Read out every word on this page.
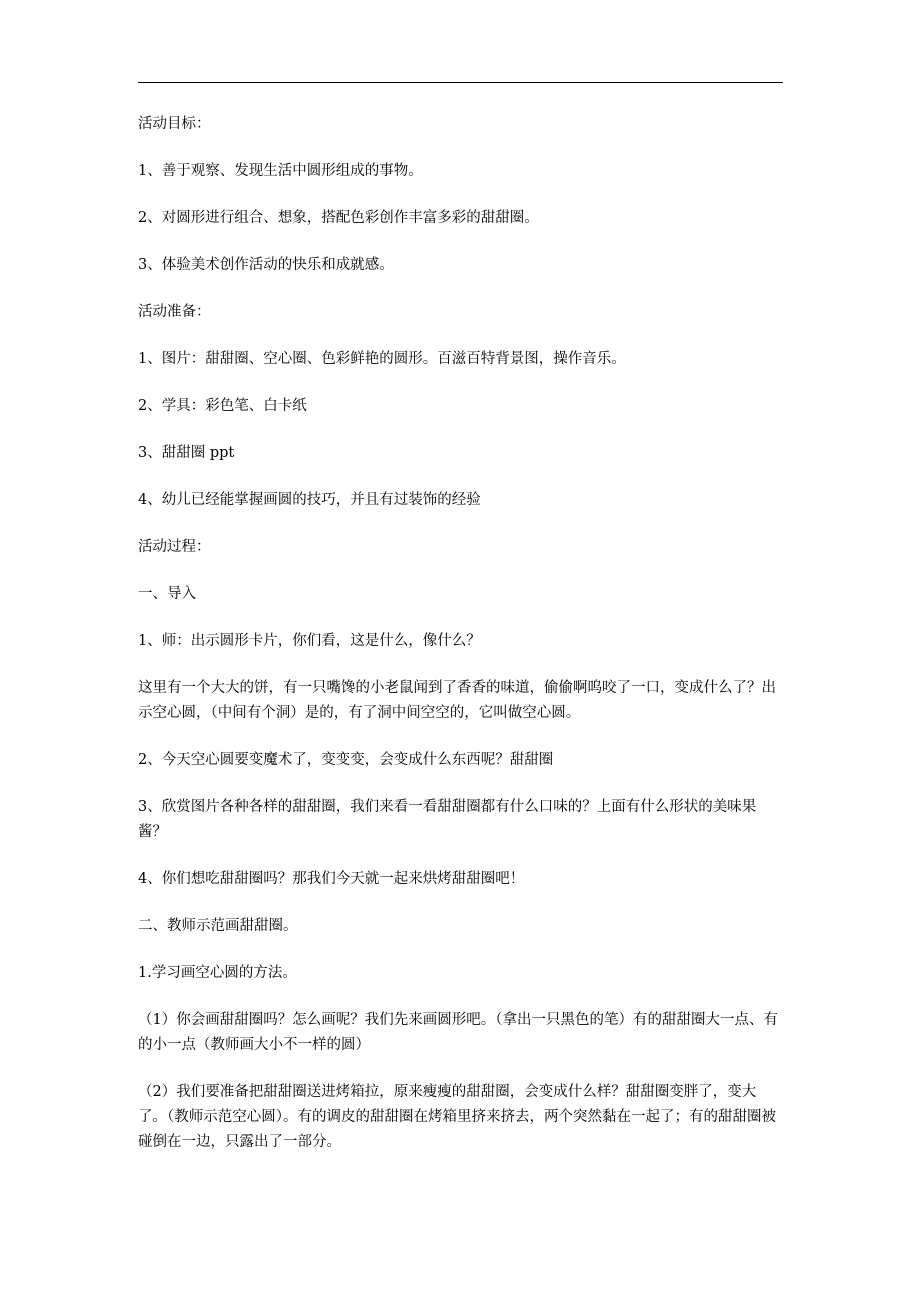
活动目标：

1、善于观察、发现生活中圆形组成的事物。

2、对圆形进行组合、想象，搭配色彩创作丰富多彩的甜甜圈。

3、体验美术创作活动的快乐和成就感。

活动准备：

1、图片：甜甜圈、空心圈、色彩鲜艳的圆形。百滋百特背景图，操作音乐。

2、学具：彩色笔、白卡纸

3、甜甜圈 ppt

4、幼儿已经能掌握画圆的技巧，并且有过装饰的经验

活动过程：

一、导入

1、师：出示圆形卡片，你们看，这是什么，像什么？

这里有一个大大的饼，有一只嘴馋的小老鼠闻到了香香的味道，偷偷啊呜咬了一口，变成什么了？出示空心圆，（中间有个洞）是的，有了洞中间空空的，它叫做空心圆。

2、今天空心圆要变魔术了，变变变，会变成什么东西呢？甜甜圈

3、欣赏图片各种各样的甜甜圈，我们来看一看甜甜圈都有什么口味的？上面有什么形状的美味果酱？

4、你们想吃甜甜圈吗？那我们今天就一起来烘烤甜甜圈吧！

二、教师示范画甜甜圈。

1.学习画空心圆的方法。

（1）你会画甜甜圈吗？怎么画呢？我们先来画圆形吧。（拿出一只黑色的笔）有的甜甜圈大一点、有的小一点（教师画大小不一样的圆）

（2）我们要准备把甜甜圈送进烤箱拉，原来瘦瘦的甜甜圈，会变成什么样？甜甜圈变胖了，变大了。（教师示范空心圆）。有的调皮的甜甜圈在烤箱里挤来挤去，两个突然黏在一起了；有的甜甜圈被碰倒在一边，只露出了一部分。
